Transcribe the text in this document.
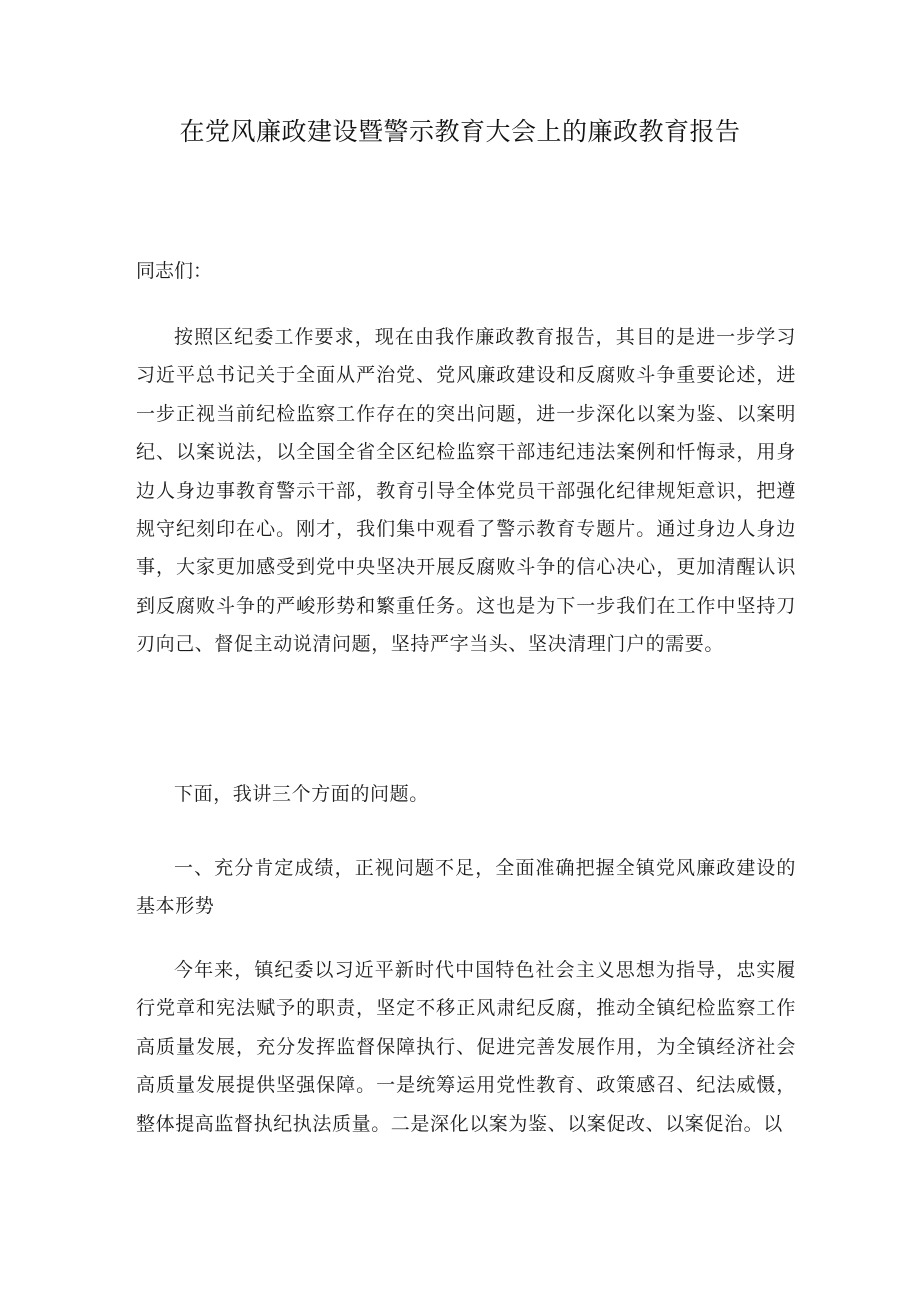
在党风廉政建设暨警示教育大会上的廉政教育报告

同志们：

按照区纪委工作要求，现在由我作廉政教育报告，其目的是进一步学习习近平总书记关于全面从严治党、党风廉政建设和反腐败斗争重要论述，进一步正视当前纪检监察工作存在的突出问题，进一步深化以案为鉴、以案明纪、以案说法，以全国全省全区纪检监察干部违纪违法案例和忏悔录，用身边人身边事教育警示干部，教育引导全体党员干部强化纪律规矩意识，把遵规守纪刻印在心。刚才，我们集中观看了警示教育专题片。通过身边人身边事，大家更加感受到党中央坚决开展反腐败斗争的信心决心，更加清醒认识到反腐败斗争的严峻形势和繁重任务。这也是为下一步我们在工作中坚持刀刃向己、督促主动说清问题，坚持严字当头、坚决清理门户的需要。

下面，我讲三个方面的问题。

一、充分肯定成绩，正视问题不足，全面准确把握全镇党风廉政建设的基本形势

今年来，镇纪委以习近平新时代中国特色社会主义思想为指导，忠实履行党章和宪法赋予的职责，坚定不移正风肃纪反腐，推动全镇纪检监察工作高质量发展，充分发挥监督保障执行、促进完善发展作用，为全镇经济社会高质量发展提供坚强保障。一是统筹运用党性教育、政策感召、纪法威慑，整体提高监督执纪执法质量。二是深化以案为鉴、以案促改、以案促治。以
